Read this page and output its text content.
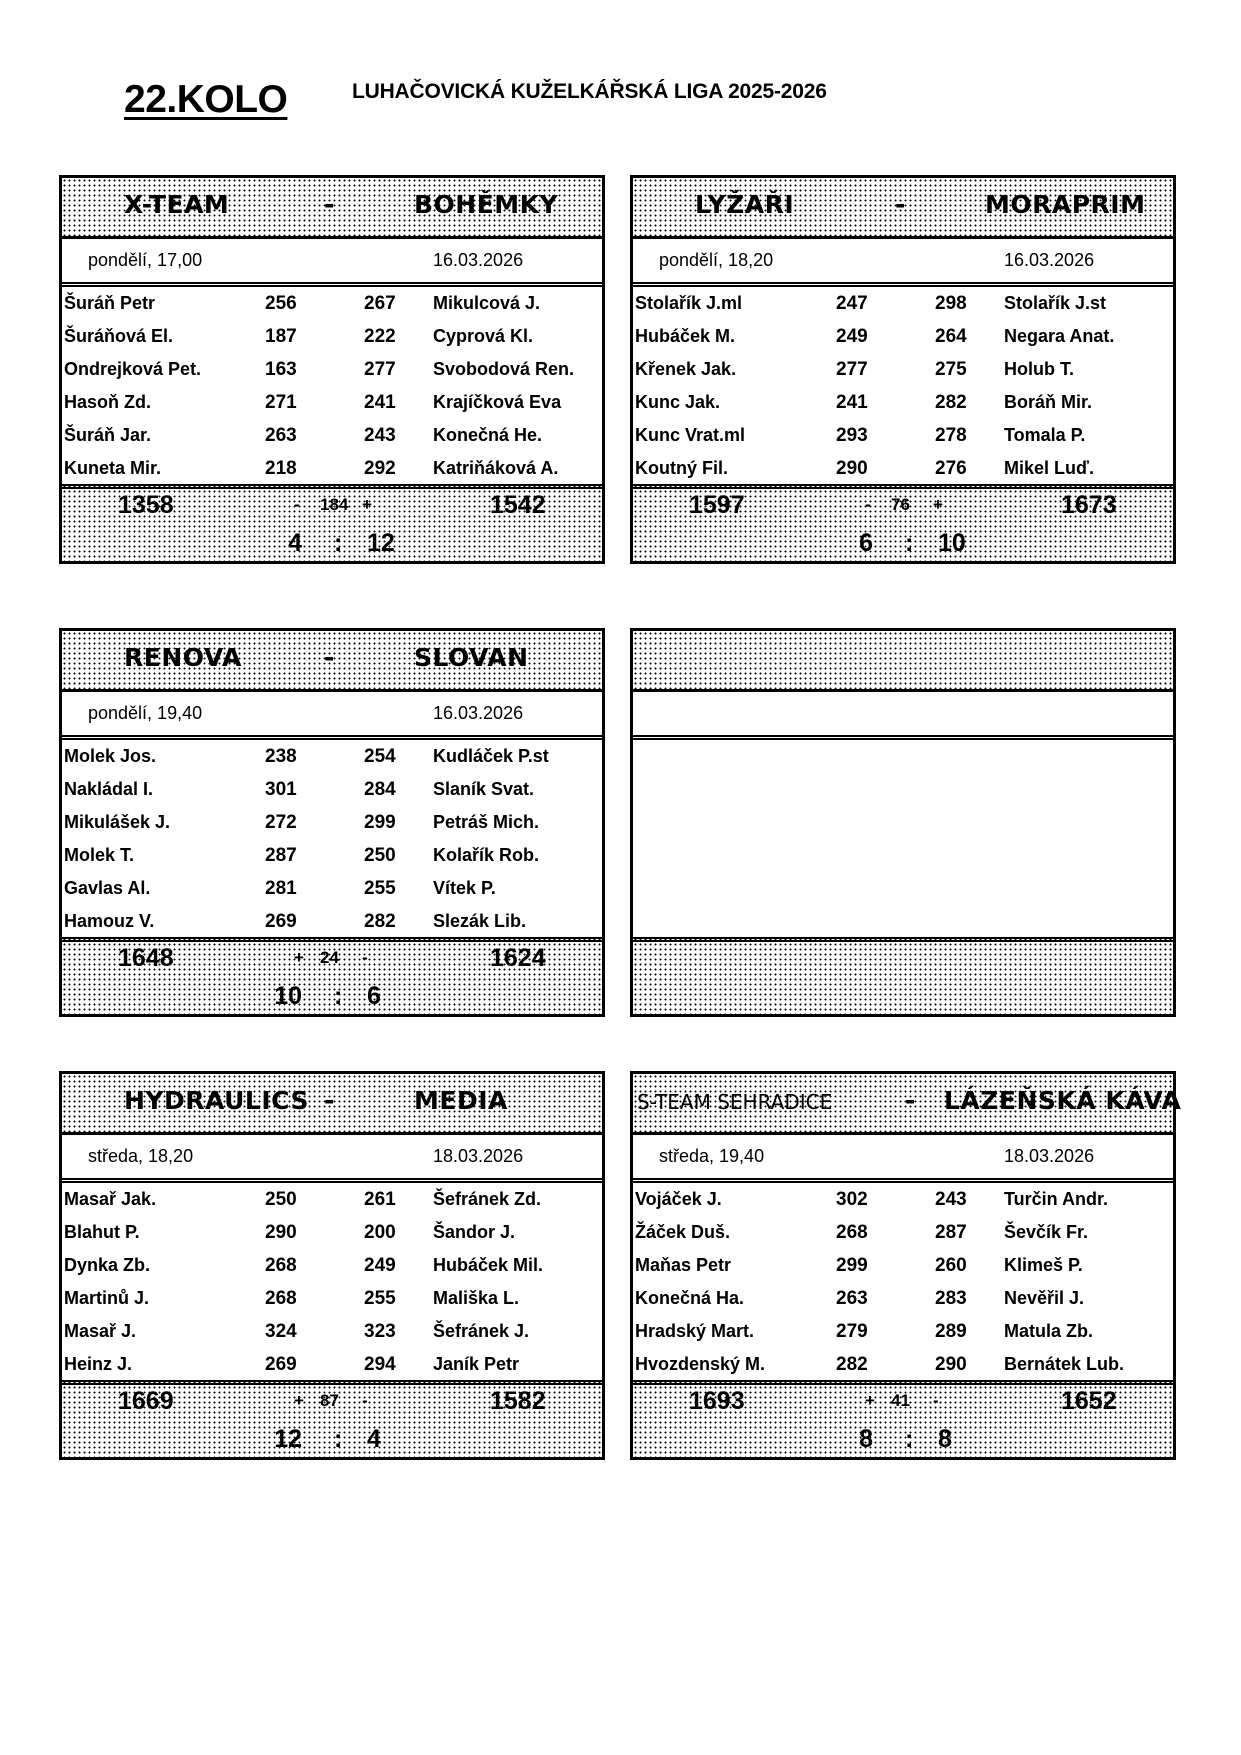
22.KOLO	LUHAČOVICKÁ KUŽELKÁŘSKÁ LIGA 2025-2026
X-TEAM	-	BOHĚMKY
pondělí, 17,00	16.03.2026
Šuráň Petr	256	267 Mikulcová J.
Šuráňová El.	187	222 Cyprová Kl.
Ondrejková Pet.	163	277 Svobodová Ren.
Hasoň Zd.	271	241 Krajíčková Eva
Šuráň Jar.	263	243 Konečná He.
Kuneta Mir.	218	292 Katriňáková A.
1358	- 184 +	1542
4 : 12
LYŽAŘI	-	MORAPRIM
pondělí, 18,20	16.03.2026
Stolařík J.ml	247	298 Stolařík J.st
Hubáček M.	249	264 Negara Anat.
Křenek Jak.	277	275 Holub T.
Kunc Jak.	241	282 Boráň Mir.
Kunc Vrat.ml	293	278 Tomala P.
Koutný Fil.	290	276 Mikel Luď.
1597	- 76 +	1673
6 : 10
RENOVA	-	SLOVAN
pondělí, 19,40	16.03.2026
Molek Jos.	238	254 Kudláček P.st
Nakládal I.	301	284 Slaník Svat.
Mikulášek J.	272	299 Petráš Mich.
Molek T.	287	250 Kolařík Rob.
Gavlas Al.	281	255 Vítek P.
Hamouz V.	269	282 Slezák Lib.
1648	+ 24 -	1624
10 : 6
HYDRAULICS -	MEDIA
středa, 18,20	18.03.2026
Masař Jak.	250	261 Šefránek Zd.
Blahut P.	290	200 Šandor J.
Dynka Zb.	268	249 Hubáček Mil.
Martinů J.	268	255 Mališka L.
Masař J.	324	323 Šefránek J.
Heinz J.	269	294 Janík Petr
1669	+ 87 -	1582
12 : 4
S-TEAM SEHRADICE	- LÁZEŇSKÁ KÁVA
středa, 19,40	18.03.2026
Vojáček J.	302	243 Turčin Andr.
Žáček Duš.	268	287 Ševčík Fr.
Maňas Petr	299	260 Klimeš P.
Konečná Ha.	263	283 Nevěřil J.
Hradský Mart.	279	289 Matula Zb.
Hvozdenský M.	282	290 Bernátek Lub.
1693	+ 41 -	1652
8 : 8
